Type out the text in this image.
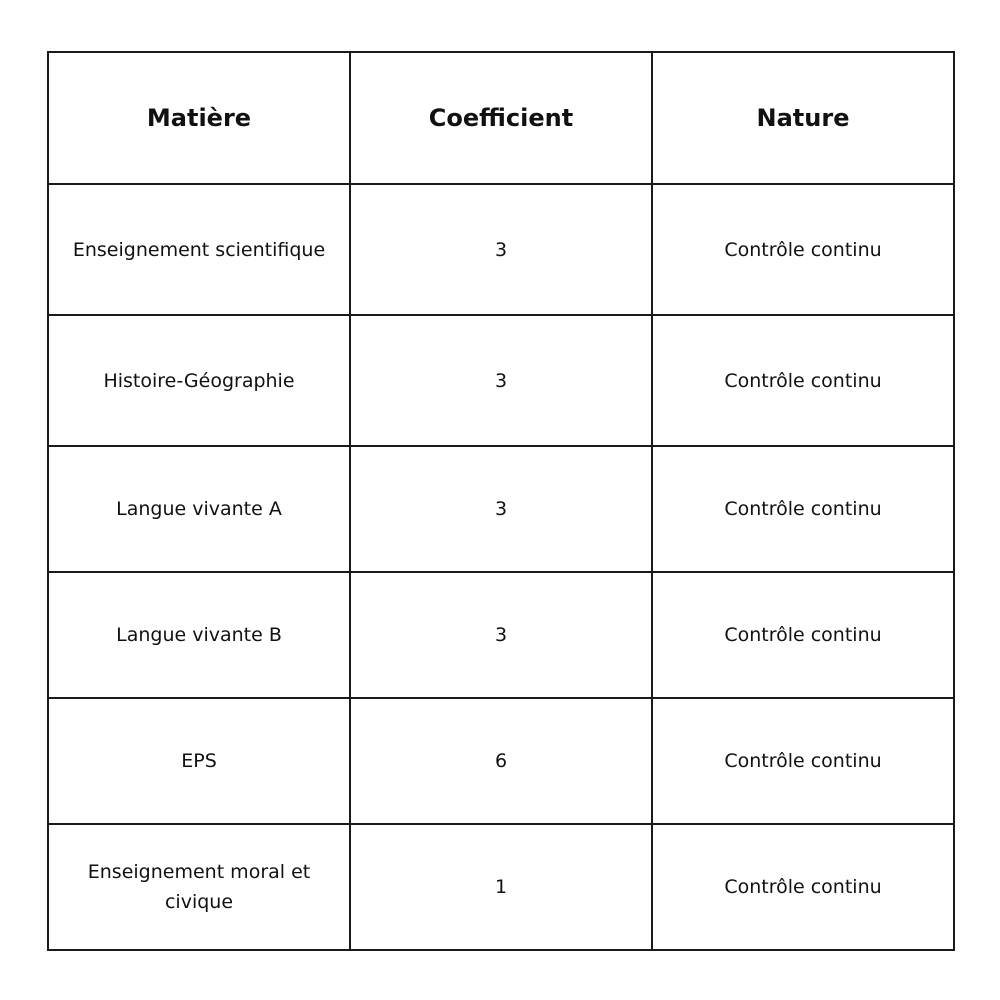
Matière	Coefficient	Nature
Enseignement scientifique	3	Contrôle continu
Histoire-Géographie	3	Contrôle continu
Langue vivante A	3	Contrôle continu
Langue vivante B	3	Contrôle continu
EPS	6	Contrôle continu
Enseignement moral et civique	1	Contrôle continu
